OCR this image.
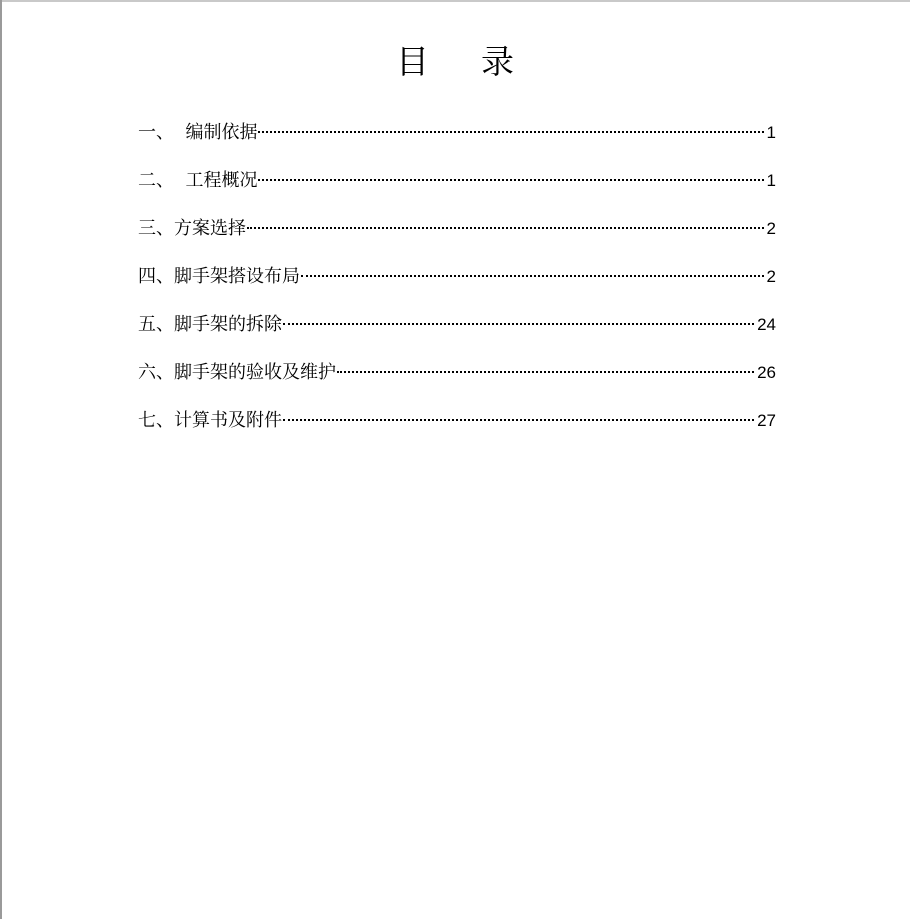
目    录
一、  编制依据	1
二、  工程概况	1
三、方案选择	2
四、脚手架搭设布局	2
五、脚手架的拆除	24
六、脚手架的验收及维护	26
七、计算书及附件	27
